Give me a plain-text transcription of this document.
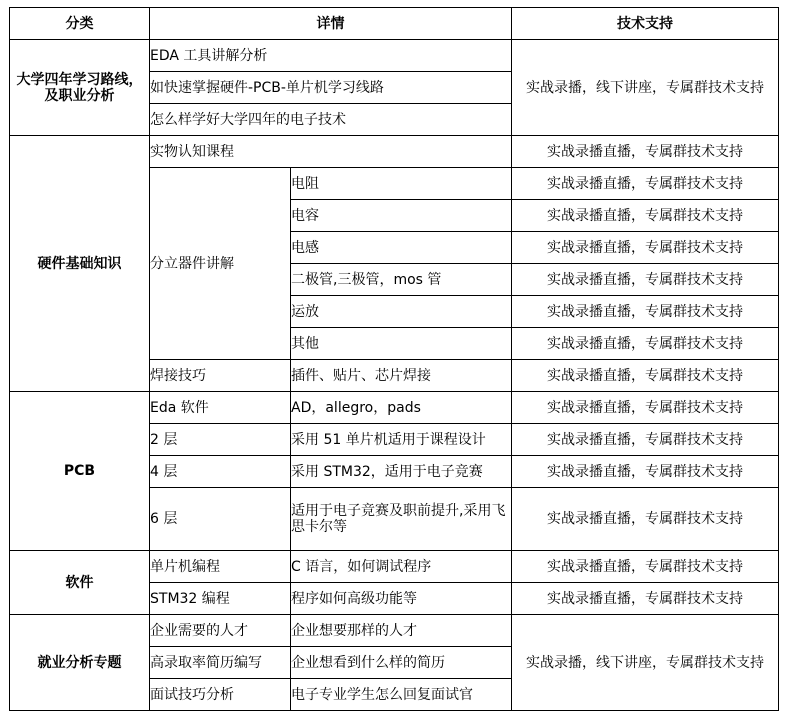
分类	详情		技术支持
大学四年学习路线，及职业分析	EDA 工具讲解分析		实战录播，线下讲座，专属群技术支持
	如快速掌握硬件-PCB-单片机学习线路		
	怎么样学好大学四年的电子技术		
硬件基础知识	实物认知课程		实战录播直播，专属群技术支持
	分立器件讲解	电阻	实战录播直播，专属群技术支持
		电容	实战录播直播，专属群技术支持
		电感	实战录播直播，专属群技术支持
		二极管,三极管，mos 管	实战录播直播，专属群技术支持
		运放	实战录播直播，专属群技术支持
		其他	实战录播直播，专属群技术支持
	焊接技巧	插件、贴片、芯片焊接	实战录播直播，专属群技术支持
PCB	Eda 软件	AD，allegro，pads	实战录播直播，专属群技术支持
	2 层	采用 51 单片机适用于课程设计	实战录播直播，专属群技术支持
	4 层	采用 STM32，适用于电子竞赛	实战录播直播，专属群技术支持
	6 层	适用于电子竞赛及职前提升,采用飞思卡尔等	实战录播直播，专属群技术支持
软件	单片机编程	C 语言，如何调试程序	实战录播直播，专属群技术支持
	STM32 编程	程序如何高级功能等	实战录播直播，专属群技术支持
就业分析专题	企业需要的人才	企业想要那样的人才	实战录播，线下讲座，专属群技术支持
	高录取率简历编写	企业想看到什么样的简历	
	面试技巧分析	电子专业学生怎么回复面试官	
